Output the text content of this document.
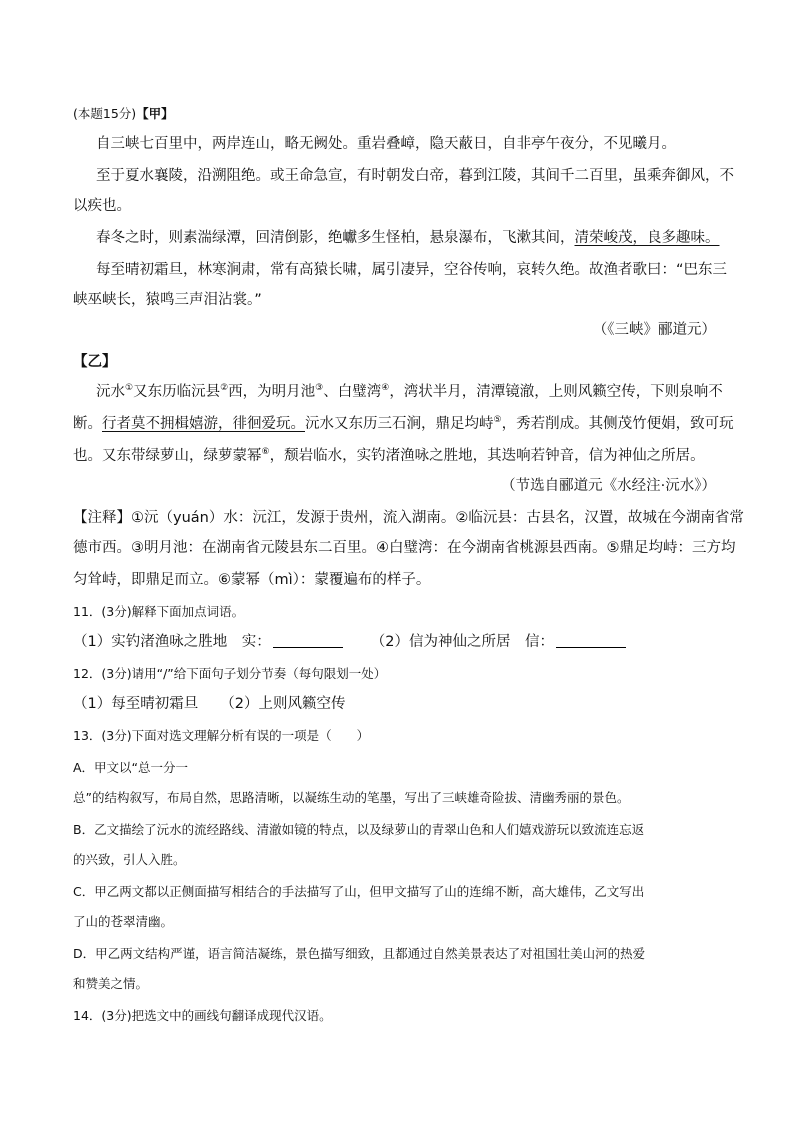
(本题15分)【甲】
自三峡七百里中，两岸连山，略无阙处。重岩叠嶂，隐天蔽日，自非亭午夜分，不见曦月。
至于夏水襄陵，沿溯阻绝。或王命急宣，有时朝发白帝，暮到江陵，其间千二百里，虽乘奔御风，不
以疾也。
春冬之时，则素湍绿潭，回清倒影，绝巘多生怪柏，悬泉瀑布，飞漱其间，清荣峻茂，良多趣味。
每至晴初霜旦，林寒涧肃，常有高猿长啸，属引凄异，空谷传响，哀转久绝。故渔者歌曰：“巴东三
峡巫峡长，猿鸣三声泪沾裳。”
（《三峡》郦道元）
【乙】
沅水①又东历临沅县②西，为明月池③、白璧湾④，湾状半月，清潭镜澈，上则风籁空传，下则泉响不
断。行者莫不拥楫嬉游，徘徊爱玩。沅水又东历三石涧，鼎足均峙⑤，秀若削成。其侧茂竹便娟，致可玩
也。又东带绿萝山，绿萝蒙幂⑥，颓岩临水，实钓渚渔咏之胜地，其迭响若钟音，信为神仙之所居。
（节选自郦道元《水经注·沅水》）
【注释】①沅（yuán）水：沅江，发源于贵州，流入湖南。②临沅县：古县名，汉置，故城在今湖南省常
德市西。③明月池：在湖南省元陵县东二百里。④白璧湾：在今湖南省桃源县西南。⑤鼎足均峙：三方均
匀耸峙，即鼎足而立。⑥蒙幂（mì）：蒙覆遍布的样子。
11．(3分)解释下面加点词语。
（1）实钓渚渔咏之胜地　实：	（2）信为神仙之所居　信：
12．(3分)请用“/”给下面句子划分节奏（每句限划一处）
（1）每至晴初霜旦 （2）上则风籁空传
13．(3分)下面对选文理解分析有误的一项是（　　）
A．甲文以“总一分一
总”的结构叙写，布局自然，思路清晰，以凝练生动的笔墨，写出了三峡雄奇险拔、清幽秀丽的景色。
B．乙文描绘了沅水的流经路线、清澈如镜的特点，以及绿萝山的青翠山色和人们嬉戏游玩以致流连忘返
的兴致，引人入胜。
C．甲乙两文都以正侧面描写相结合的手法描写了山，但甲文描写了山的连绵不断，高大雄伟，乙文写出
了山的苍翠清幽。
D．甲乙两文结构严谨，语言简洁凝练，景色描写细致，且都通过自然美景表达了对祖国壮美山河的热爱
和赞美之情。
14．(3分)把选文中的画线句翻译成现代汉语。
